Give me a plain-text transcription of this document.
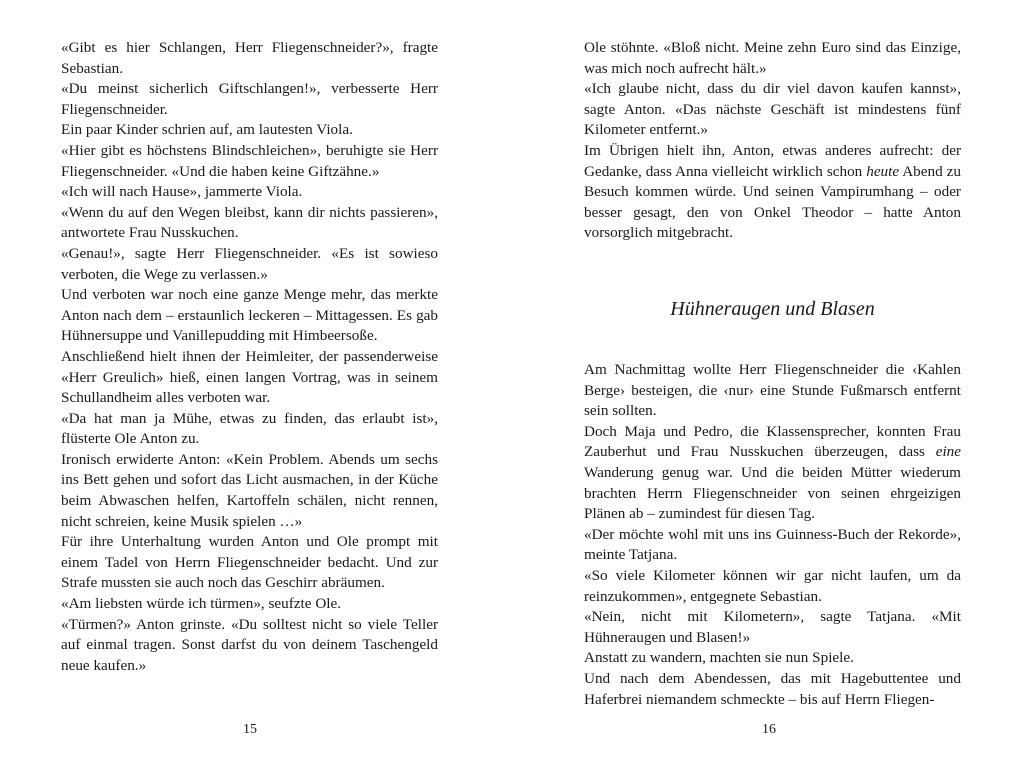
«Gibt es hier Schlangen, Herr Fliegenschneider?», fragte Sebastian.

«Du meinst sicherlich Giftschlangen!», verbesserte Herr Fliegenschneider.

Ein paar Kinder schrien auf, am lautesten Viola.

«Hier gibt es höchstens Blindschleichen», beruhigte sie Herr Fliegenschneider. «Und die haben keine Giftzähne.»

«Ich will nach Hause», jammerte Viola.

«Wenn du auf den Wegen bleibst, kann dir nichts passieren», antwortete Frau Nusskuchen.

«Genau!», sagte Herr Fliegenschneider. «Es ist sowieso verboten, die Wege zu verlassen.»

Und verboten war noch eine ganze Menge mehr, das merkte Anton nach dem – erstaunlich leckeren – Mittagessen. Es gab Hühnersuppe und Vanillepudding mit Himbeersoße.

Anschließend hielt ihnen der Heimleiter, der passenderweise «Herr Greulich» hieß, einen langen Vortrag, was in seinem Schullandheim alles verboten war.

«Da hat man ja Mühe, etwas zu finden, das erlaubt ist», flüsterte Ole Anton zu.

Ironisch erwiderte Anton: «Kein Problem. Abends um sechs ins Bett gehen und sofort das Licht ausmachen, in der Küche beim Abwaschen helfen, Kartoffeln schälen, nicht rennen, nicht schreien, keine Musik spielen …»

Für ihre Unterhaltung wurden Anton und Ole prompt mit einem Tadel von Herrn Fliegenschneider bedacht. Und zur Strafe mussten sie auch noch das Geschirr abräumen.

«Am liebsten würde ich türmen», seufzte Ole.

«Türmen?» Anton grinste. «Du solltest nicht so viele Teller auf einmal tragen. Sonst darfst du von deinem Taschengeld neue kaufen.»

15

Ole stöhnte. «Bloß nicht. Meine zehn Euro sind das Einzige, was mich noch aufrecht hält.»

«Ich glaube nicht, dass du dir viel davon kaufen kannst», sagte Anton. «Das nächste Geschäft ist mindestens fünf Kilometer entfernt.»

Im Übrigen hielt ihn, Anton, etwas anderes aufrecht: der Gedanke, dass Anna vielleicht wirklich schon heute Abend zu Besuch kommen würde. Und seinen Vampirumhang – oder besser gesagt, den von Onkel Theodor – hatte Anton vorsorglich mitgebracht.

Hühneraugen und Blasen

Am Nachmittag wollte Herr Fliegenschneider die ‹Kahlen Berge› besteigen, die ‹nur› eine Stunde Fußmarsch entfernt sein sollten.

Doch Maja und Pedro, die Klassensprecher, konnten Frau Zauberhut und Frau Nusskuchen überzeugen, dass eine Wanderung genug war. Und die beiden Mütter wiederum brachten Herrn Fliegenschneider von seinen ehrgeizigen Plänen ab – zumindest für diesen Tag.

«Der möchte wohl mit uns ins Guinness-Buch der Rekorde», meinte Tatjana.

«So viele Kilometer können wir gar nicht laufen, um da reinzukommen», entgegnete Sebastian.

«Nein, nicht mit Kilometern», sagte Tatjana. «Mit Hühneraugen und Blasen!»

Anstatt zu wandern, machten sie nun Spiele.

Und nach dem Abendessen, das mit Hagebuttentee und Haferbrei niemandem schmeckte – bis auf Herrn Fliegen-

16
